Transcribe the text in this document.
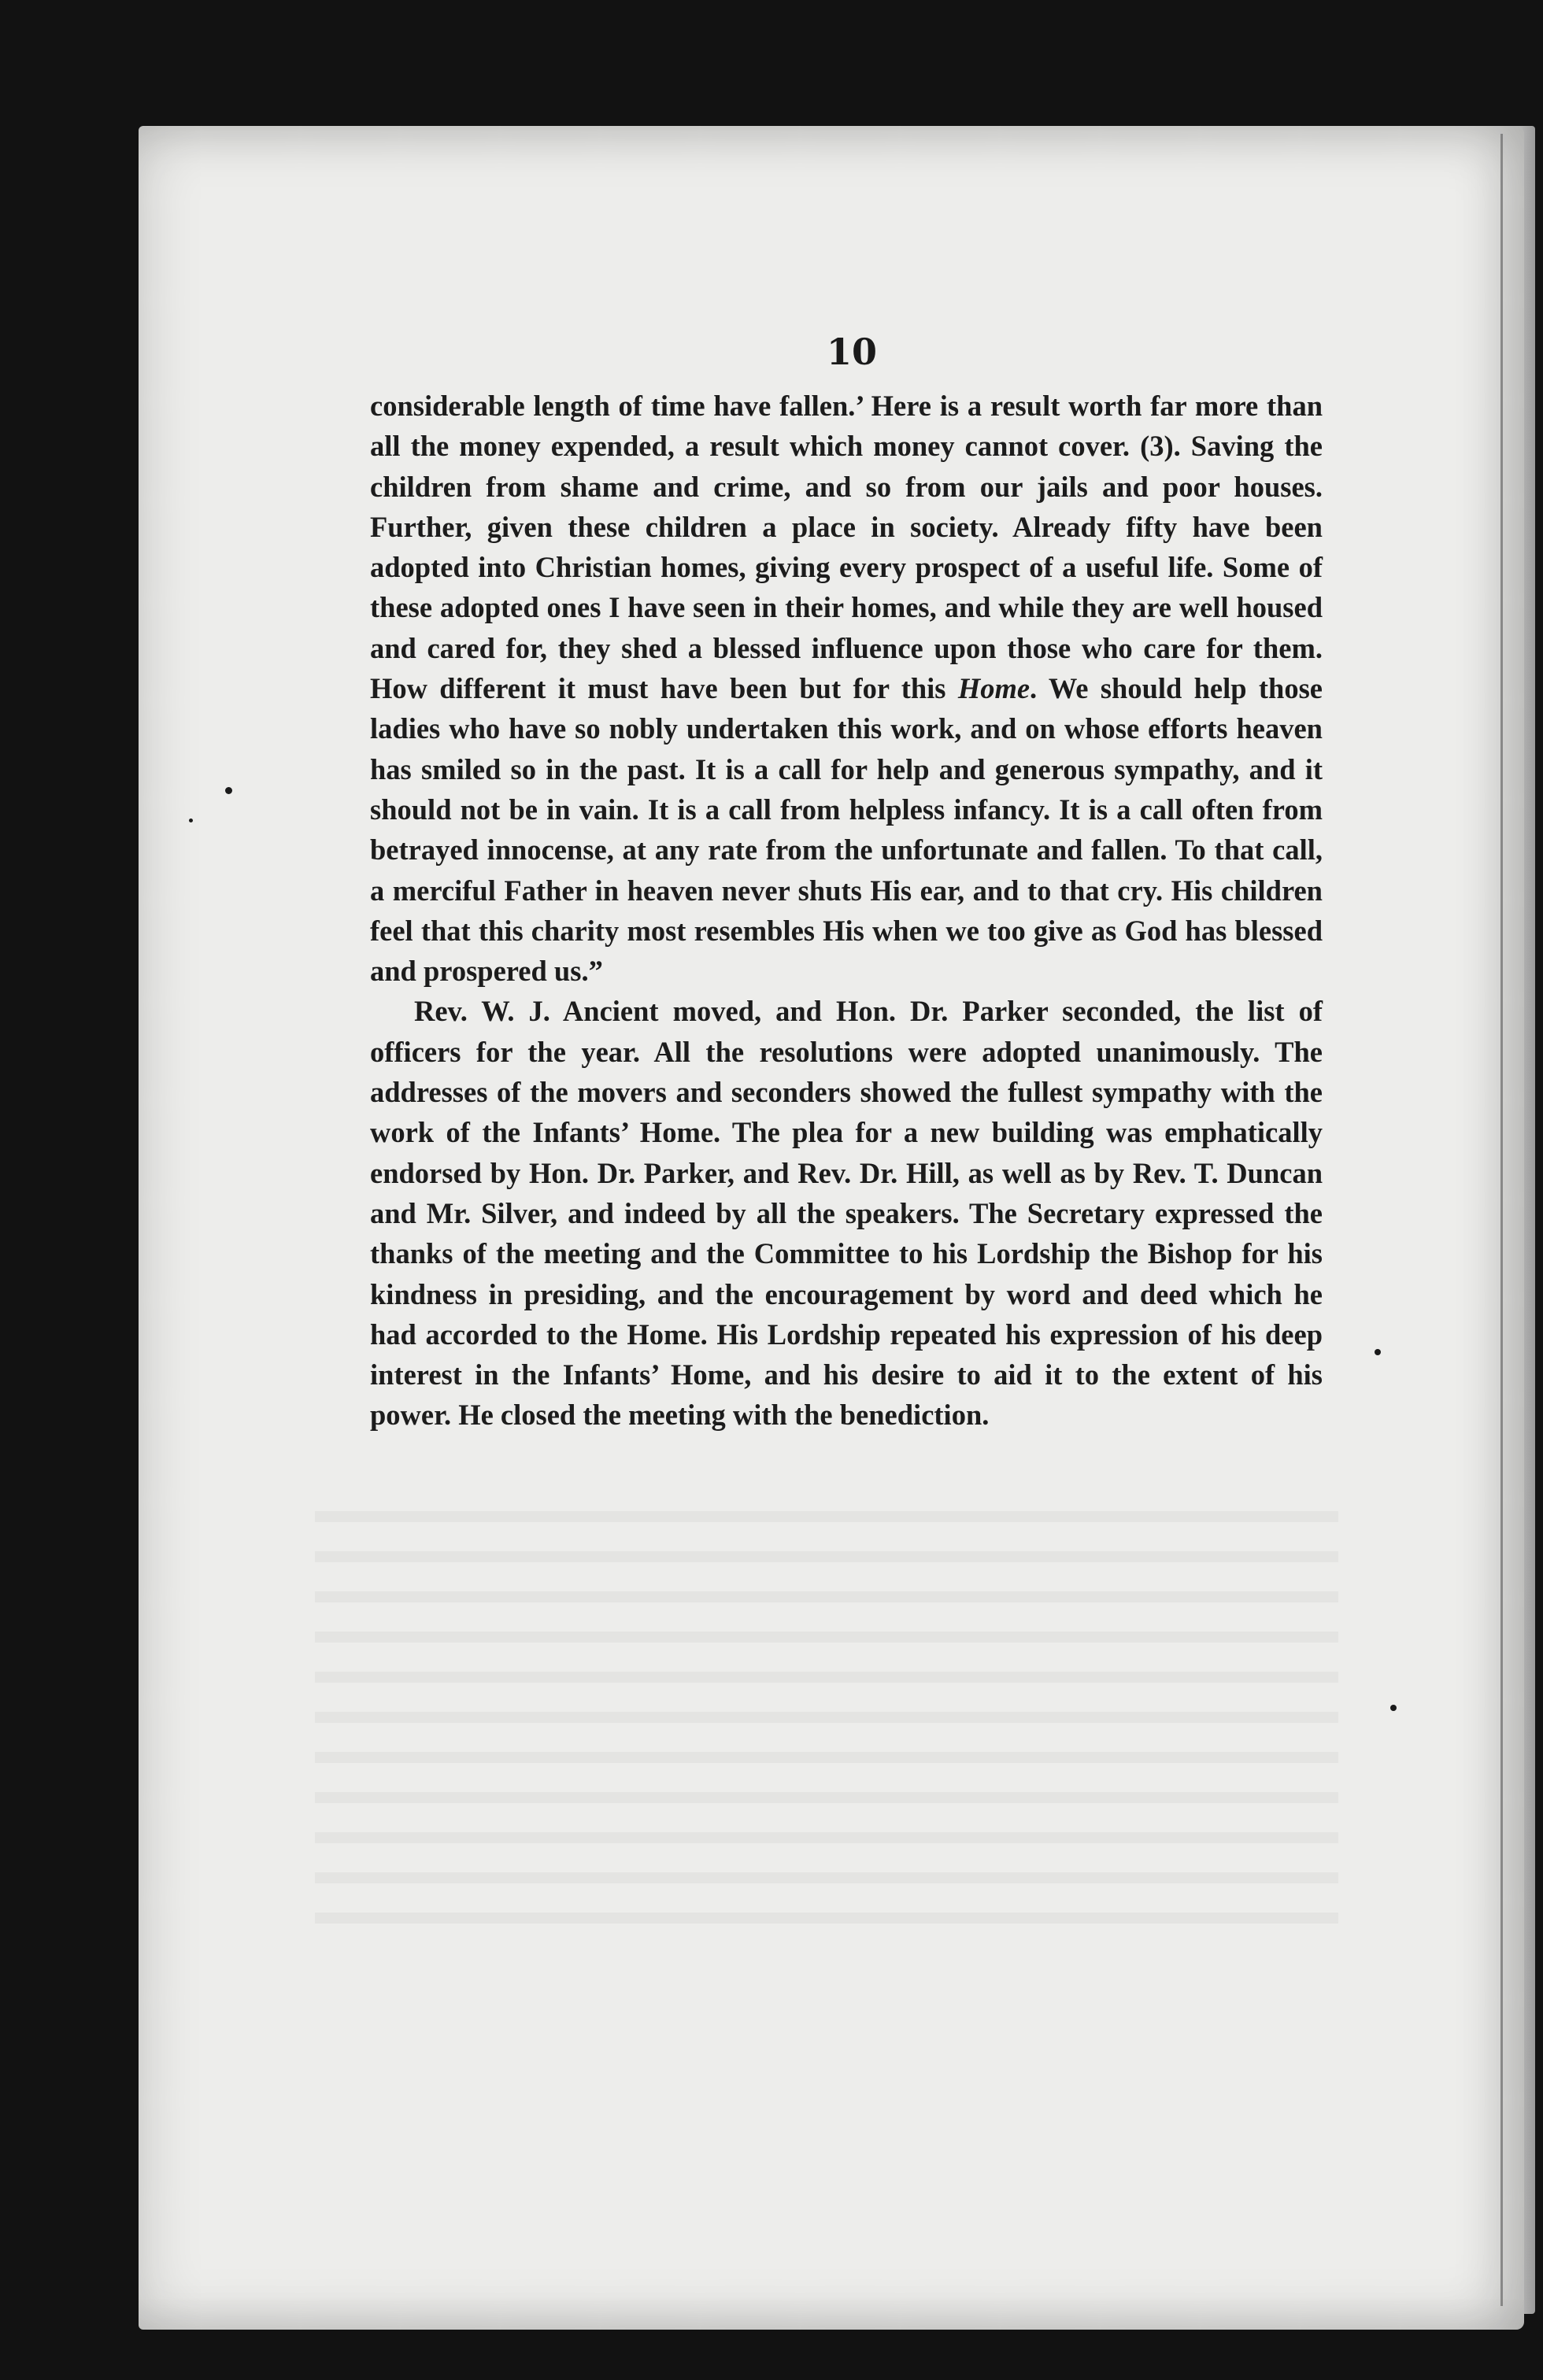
10

considerable length of time have fallen.’ Here is a result worth far more than all the money expended, a result which money cannot cover. (3). Saving the children from shame and crime, and so from our jails and poor houses. Further, given these children a place in society. Already fifty have been adopted into Christian homes, giving every prospect of a useful life. Some of these adopted ones I have seen in their homes, and while they are well housed and cared for, they shed a blessed influence upon those who care for them. How different it must have been but for this Home. We should help those ladies who have so nobly undertaken this work, and on whose efforts heaven has smiled so in the past. It is a call for help and generous sympathy, and it should not be in vain. It is a call from helpless infancy. It is a call often from betrayed innocense, at any rate from the unfortunate and fallen. To that call, a merciful Father in heaven never shuts His ear, and to that cry. His children feel that this charity most resembles His when we too give as God has blessed and prospered us.”

Rev. W. J. Ancient moved, and Hon. Dr. Parker seconded, the list of officers for the year. All the resolutions were adopted unanimously. The addresses of the movers and seconders showed the fullest sympathy with the work of the Infants’ Home. The plea for a new building was emphatically endorsed by Hon. Dr. Parker, and Rev. Dr. Hill, as well as by Rev. T. Duncan and Mr. Silver, and indeed by all the speakers. The Secretary expressed the thanks of the meeting and the Committee to his Lordship the Bishop for his kindness in presiding, and the encouragement by word and deed which he had accorded to the Home. His Lordship repeated his expression of his deep interest in the Infants’ Home, and his desire to aid it to the extent of his power. He closed the meeting with the benediction.
